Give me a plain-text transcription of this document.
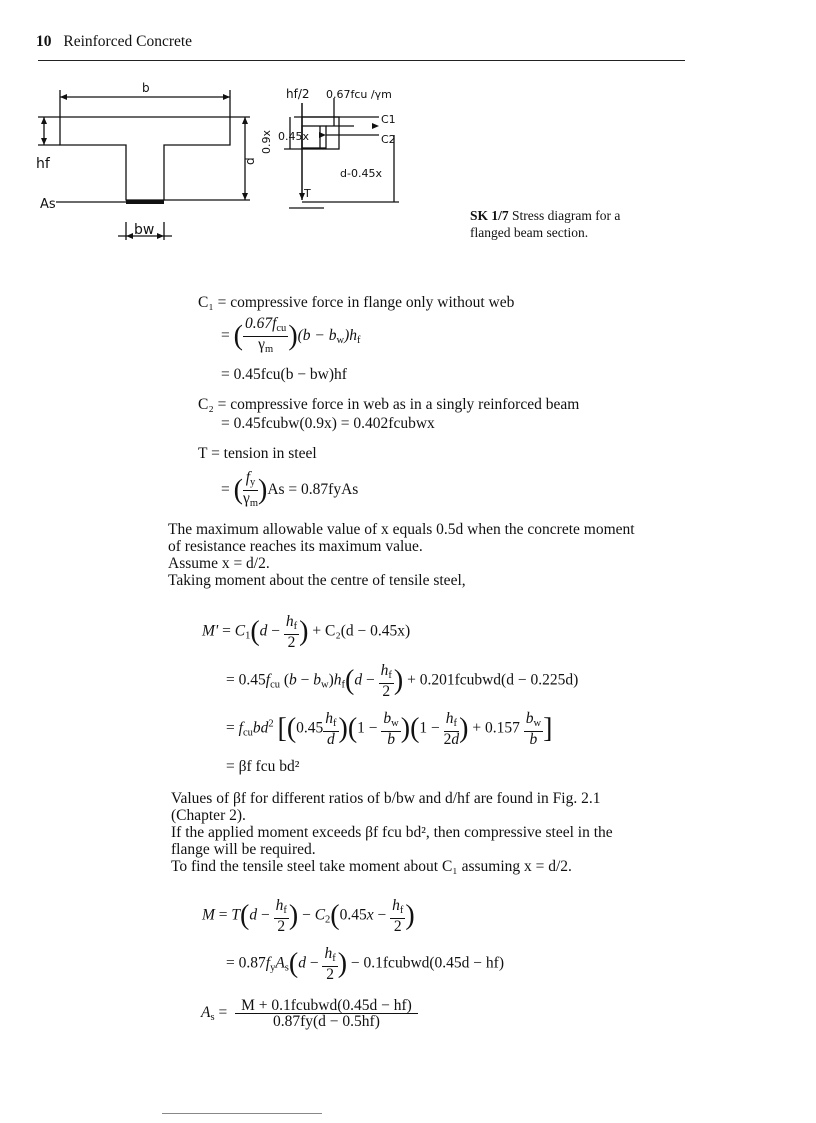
10 Reinforced Concrete
b
hf	d
As
bw
hf/2 0.67fcu /γm
0.9x
C1
C2
0.45x
d-0.45x
T
SK 1/7 Stress diagram for a
flanged beam section.
C₁ = compressive force in flange only without web
= ( $\frac{0.67f_{cu}}{\gamma_m} )(b - b_w)h_f$
= 0.45fcu(b − bw)hf
C₂ = compressive force in web as in a singly reinforced beam
= 0.45fcubw(0.9x) = 0.402fcubwx
T = tension in steel
= ( $\frac{f_y}{\gamma_m} )As$ = 0.87fyAs
The maximum allowable value of x equals 0.5d when the concrete moment
of resistance reaches its maximum value.
Assume x = d/2.
Taking moment about the centre of tensile steel,
$M' = C_1(d - \frac{h_f}{2}$ ) + C₂(d − 0.45x)
= $0.45f_{cu}$ $(b - b_w)h_f(d - \frac{h_f}{2}$ ) + 0.201fcubwd(d − 0.225d)
= $f_{cu}bd^2$ [$(0.45 \frac{h_f}{d} )(1 - \frac{b_w}{b} )(1 - \frac{h_f}{2d}$ ) + $0.157 \frac{b_w}{b}$ ]
= βf fcu bd²
Values of βf for different ratios of b/bw and d/hf are found in Fig. 2.1
(Chapter 2).
If the applied moment exceeds βf fcu bd², then compressive steel in the
flange will be required.
To find the tensile steel take moment about C₁ assuming x = d/2.
$M = T(d - \frac{h_f}{2}$ ) − $C_2(0.45x - \frac{h_f}{2}$ )
= $0.87f_yA_s(d - \frac{h_f}{2}$ ) − 0.1fcubwd(0.45d − hf)
$A_s = \frac{\text{M + 0.1fcubwd(0.45d − hf)}}{0.87fy(d - 0.5hf)}$
